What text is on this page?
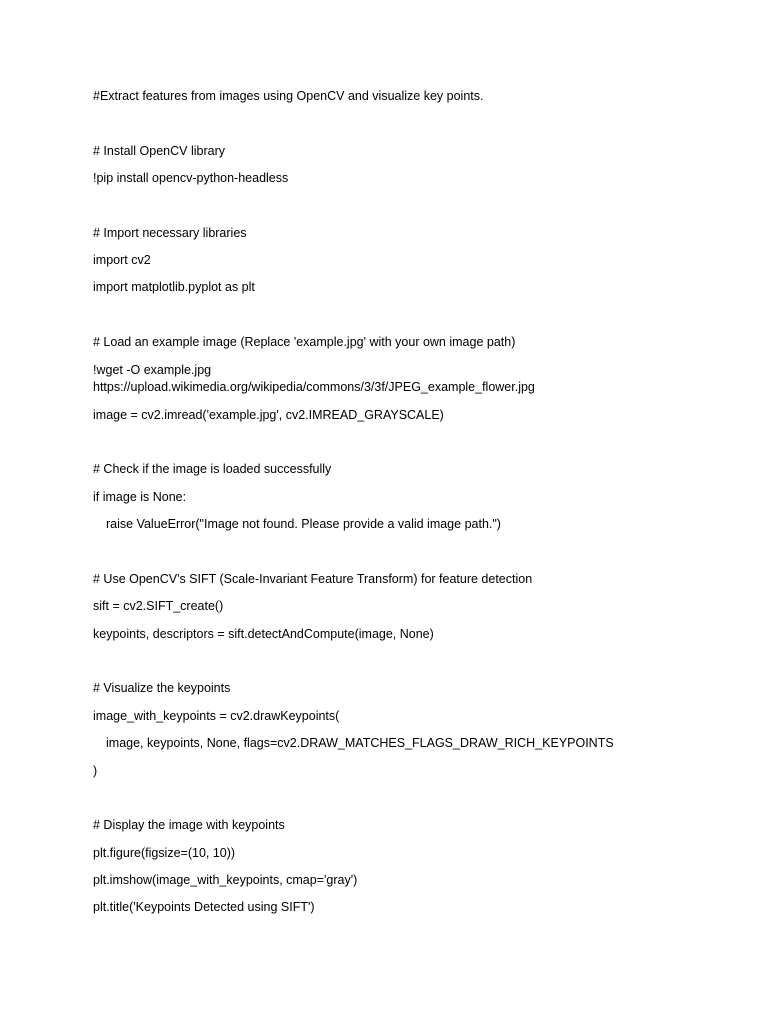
#Extract features from images using OpenCV and visualize key points.
# Install OpenCV library
!pip install opencv-python-headless
# Import necessary libraries
import cv2
import matplotlib.pyplot as plt
# Load an example image (Replace 'example.jpg' with your own image path)
!wget -O example.jpg
https://upload.wikimedia.org/wikipedia/commons/3/3f/JPEG_example_flower.jpg
image = cv2.imread('example.jpg', cv2.IMREAD_GRAYSCALE)
# Check if the image is loaded successfully
if image is None:
raise ValueError("Image not found. Please provide a valid image path.")
# Use OpenCV's SIFT (Scale-Invariant Feature Transform) for feature detection
sift = cv2.SIFT_create()
keypoints, descriptors = sift.detectAndCompute(image, None)
# Visualize the keypoints
image_with_keypoints = cv2.drawKeypoints(
image, keypoints, None, flags=cv2.DRAW_MATCHES_FLAGS_DRAW_RICH_KEYPOINTS
)
# Display the image with keypoints
plt.figure(figsize=(10, 10))
plt.imshow(image_with_keypoints, cmap='gray')
plt.title('Keypoints Detected using SIFT')
